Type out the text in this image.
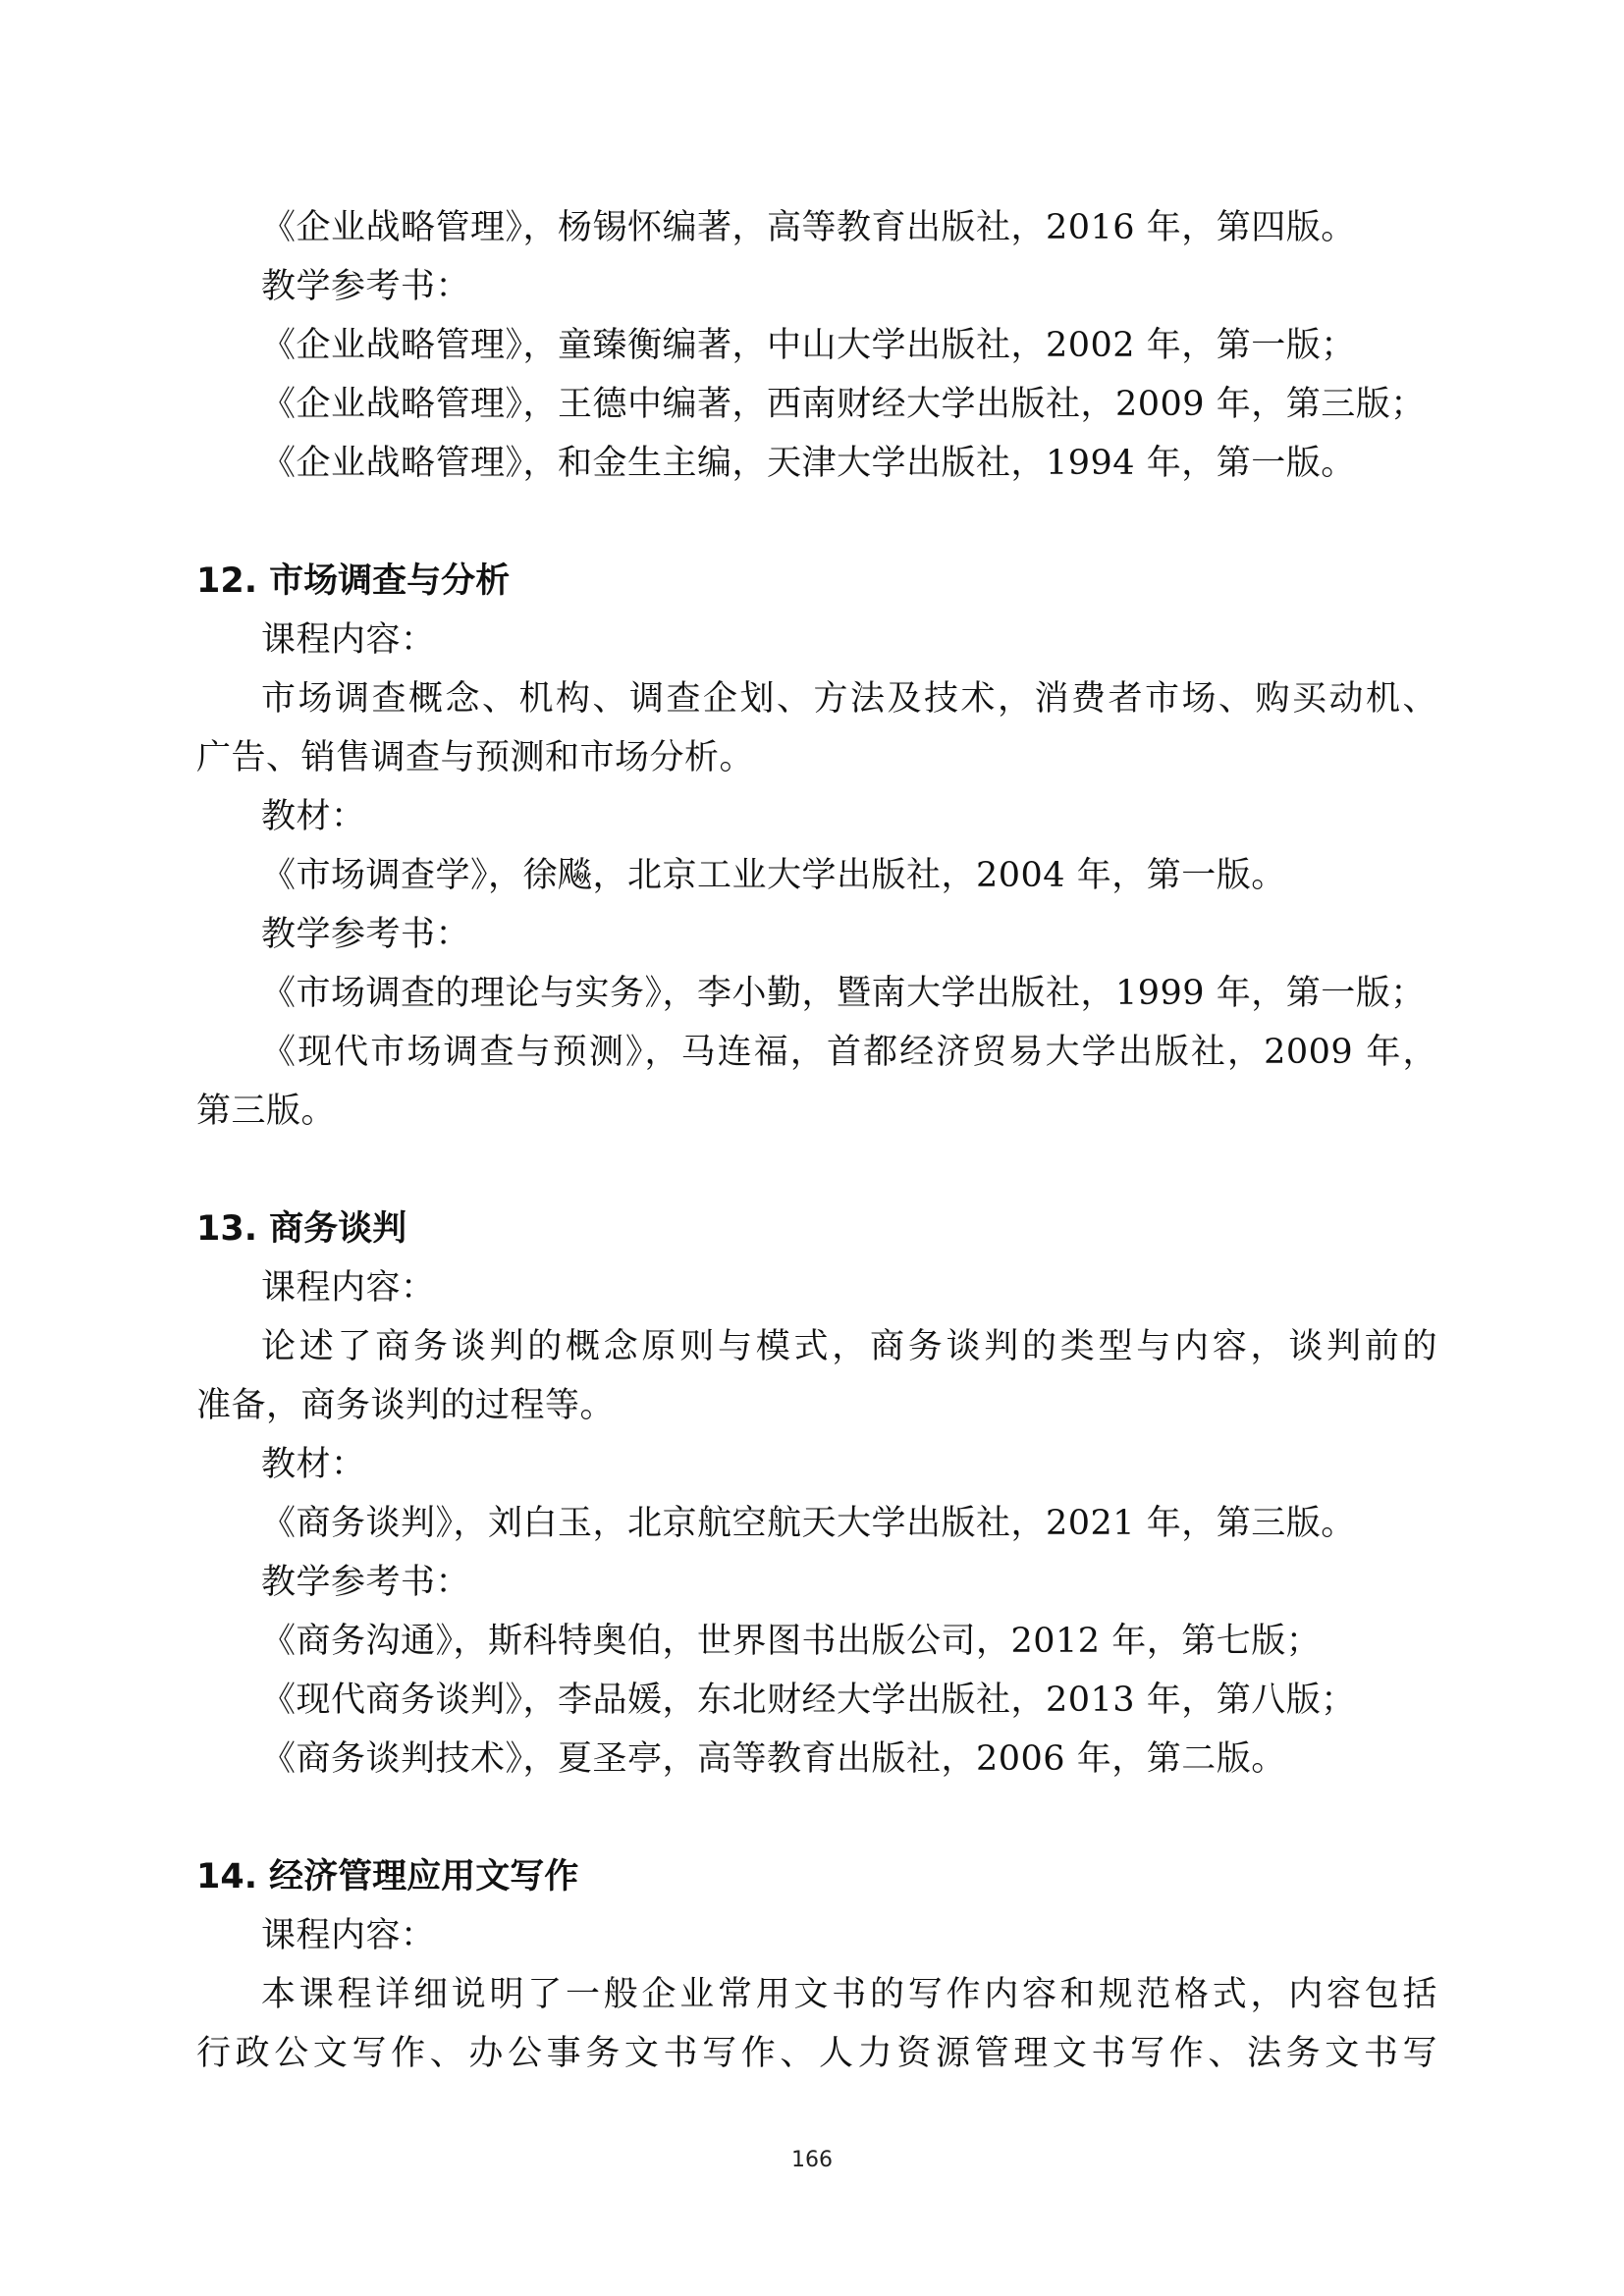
《企业战略管理》，杨锡怀编著，高等教育出版社，2016 年，第四版。
教学参考书：
《企业战略管理》，童臻衡编著，中山大学出版社，2002 年，第一版；
《企业战略管理》，王德中编著，西南财经大学出版社，2009 年，第三版；
《企业战略管理》，和金生主编，天津大学出版社，1994 年，第一版。
12. 市场调查与分析
课程内容：
市场调查概念、机构、调查企划、方法及技术，消费者市场、购买动机、
广告、销售调查与预测和市场分析。
教材：
《市场调查学》，徐飚，北京工业大学出版社，2004 年，第一版。
教学参考书：
《市场调查的理论与实务》，李小勤，暨南大学出版社，1999 年，第一版；
《现代市场调查与预测》，马连福，首都经济贸易大学出版社，2009 年，
第三版。
13. 商务谈判
课程内容：
论述了商务谈判的概念原则与模式，商务谈判的类型与内容，谈判前的
准备，商务谈判的过程等。
教材：
《商务谈判》，刘白玉，北京航空航天大学出版社，2021 年，第三版。
教学参考书：
《商务沟通》，斯科特奥伯，世界图书出版公司，2012 年，第七版；
《现代商务谈判》，李品媛，东北财经大学出版社，2013 年，第八版；
《商务谈判技术》，夏圣亭，高等教育出版社，2006 年，第二版。
14. 经济管理应用文写作
课程内容：
本课程详细说明了一般企业常用文书的写作内容和规范格式，内容包括
行政公文写作、办公事务文书写作、人力资源管理文书写作、法务文书写
166
